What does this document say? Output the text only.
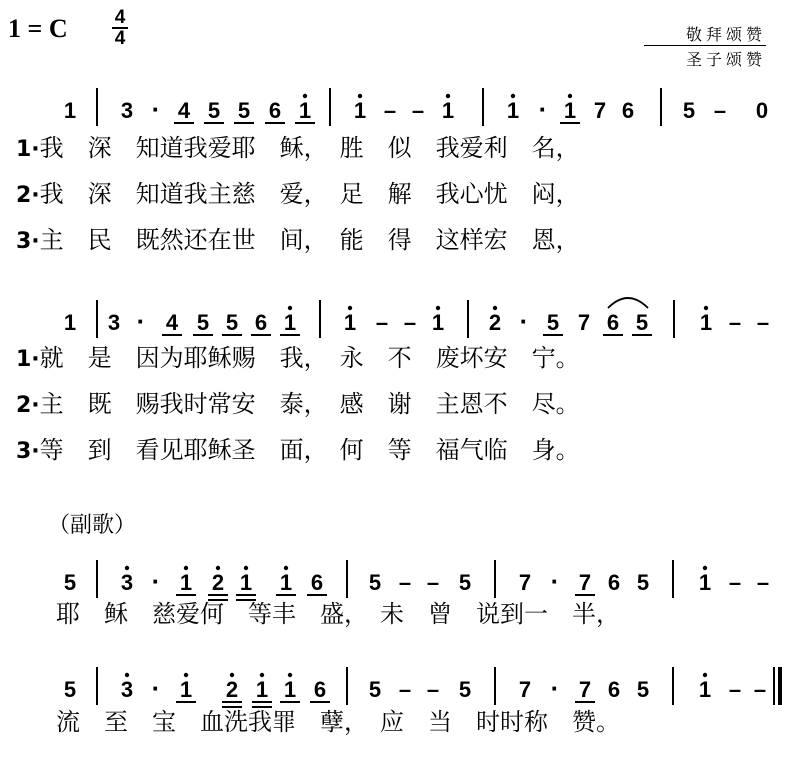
1 = C 4
4	敬拜颂赞
圣子颂赞
1 3 · 4 5 5 6 1 1 – – 1 1 · 1 7 6 5 – 0
1 3 · 4 5 5 6 1 1 – – 1 2 · 5 7 6 5 1 – –
5 3 · 1 2 1 1 6 5 – – 5 7 · 7 6 5 1 – –
5 3 · 1 2 1 1 6 5 – – 5 7 · 7 6 5 1 – –
1·我　深　知道我爱耶　稣，　胜　似　我爱利　名，
2·我　深　知道我主慈　爱，　足　解　我心忧　闷，
3·主　民　既然还在世　间，　能　得　这样宏　恩，
1·就　是　因为耶稣赐　我，　永　不　废坏安　宁。
2·主　既　赐我时常安　泰，　感　谢　主恩不　尽。
3·等　到　看见耶稣圣　面，　何　等　福气临　身。
耶　稣　慈爱何　等丰　盛，　未　曾　说到一　半，
流　至　宝　血洗我罪　孽，　应　当　时时称　赞。
（副歌）
